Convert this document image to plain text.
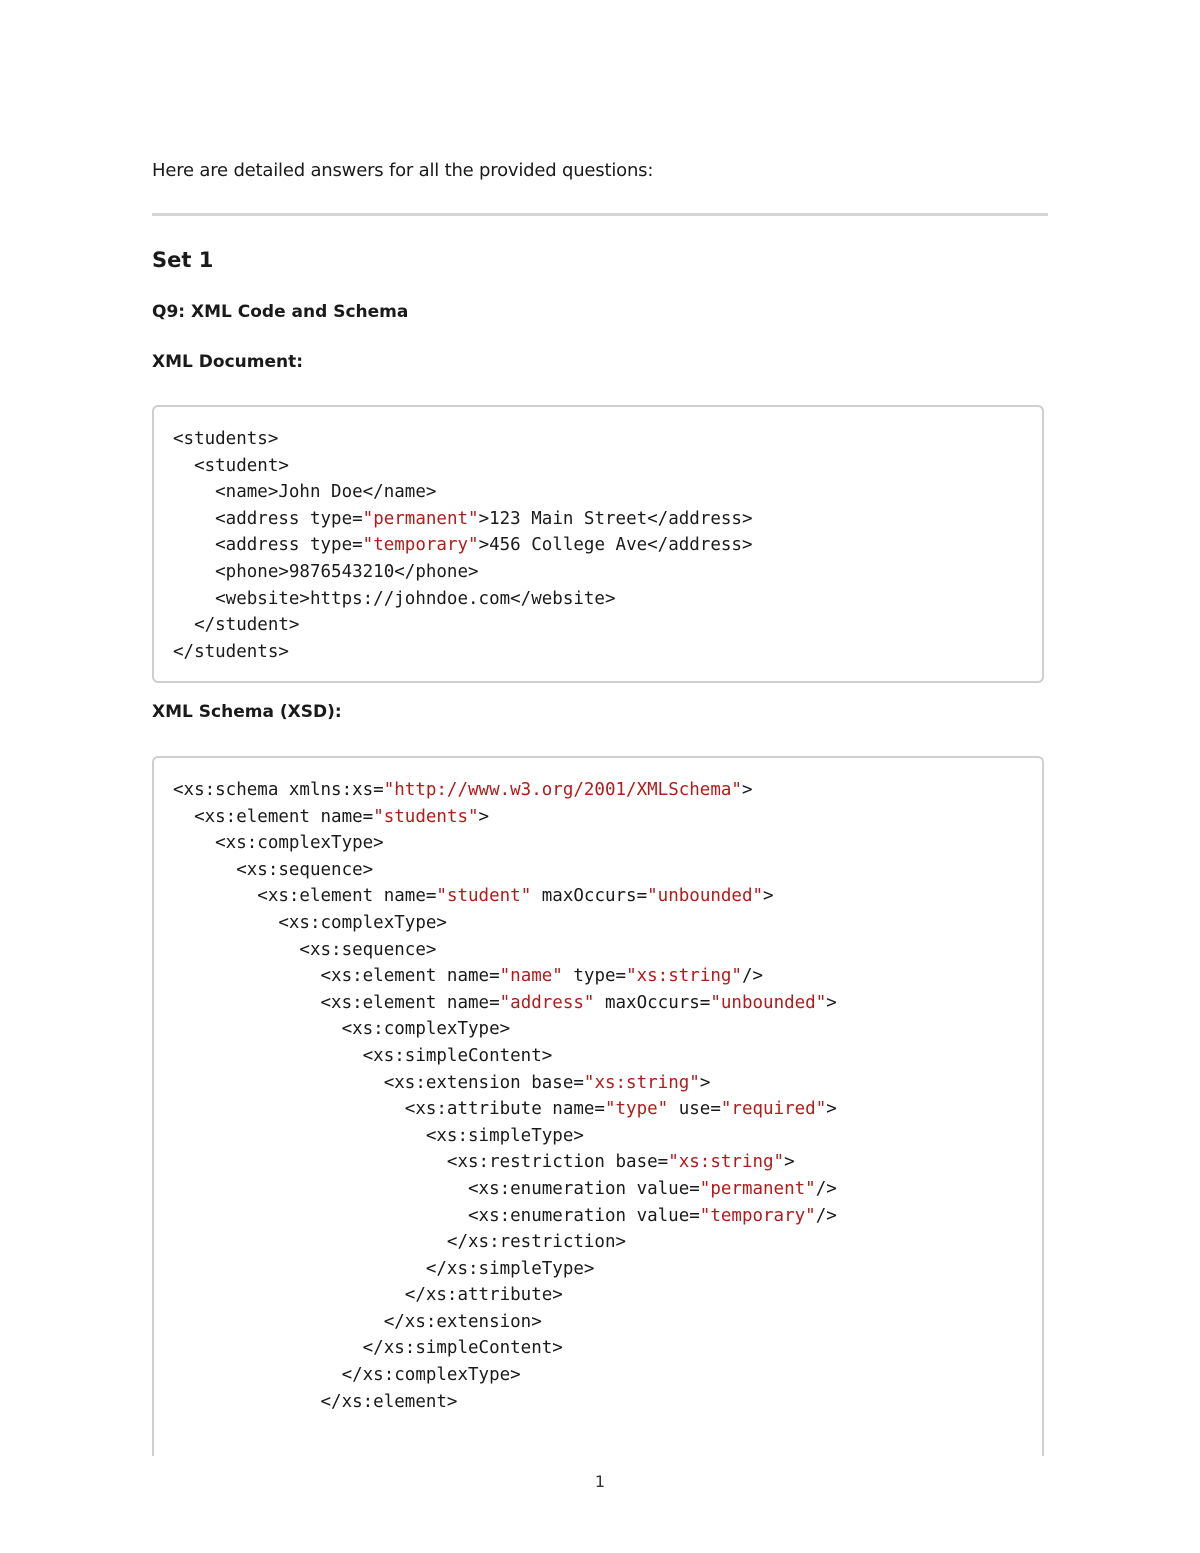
Here are detailed answers for all the provided questions:

Set 1
Q9: XML Code and Schema

XML Document:

<students>
<student>
<name>John Doe</name>
<address type="permanent">123 Main Street</address>
<address type="temporary">456 College Ave</address>
<phone>9876543210</phone>
<website>https://johndoe.com</website>
</student>
</students>

XML Schema (XSD):

<xs:schema xmlns:xs="http://www.w3.org/2001/XMLSchema">
<xs:element name="students">
<xs:complexType>
<xs:sequence>
<xs:element name="student" maxOccurs="unbounded">
<xs:complexType>
<xs:sequence>
<xs:element name="name" type="xs:string"/>
<xs:element name="address" maxOccurs="unbounded">
<xs:complexType>
<xs:simpleContent>
<xs:extension base="xs:string">
<xs:attribute name="type" use="required">
<xs:simpleType>
<xs:restriction base="xs:string">
<xs:enumeration value="permanent"/>
<xs:enumeration value="temporary"/>
</xs:restriction>
</xs:simpleType>
</xs:attribute>
</xs:extension>
</xs:simpleContent>
</xs:complexType>
</xs:element>

1
